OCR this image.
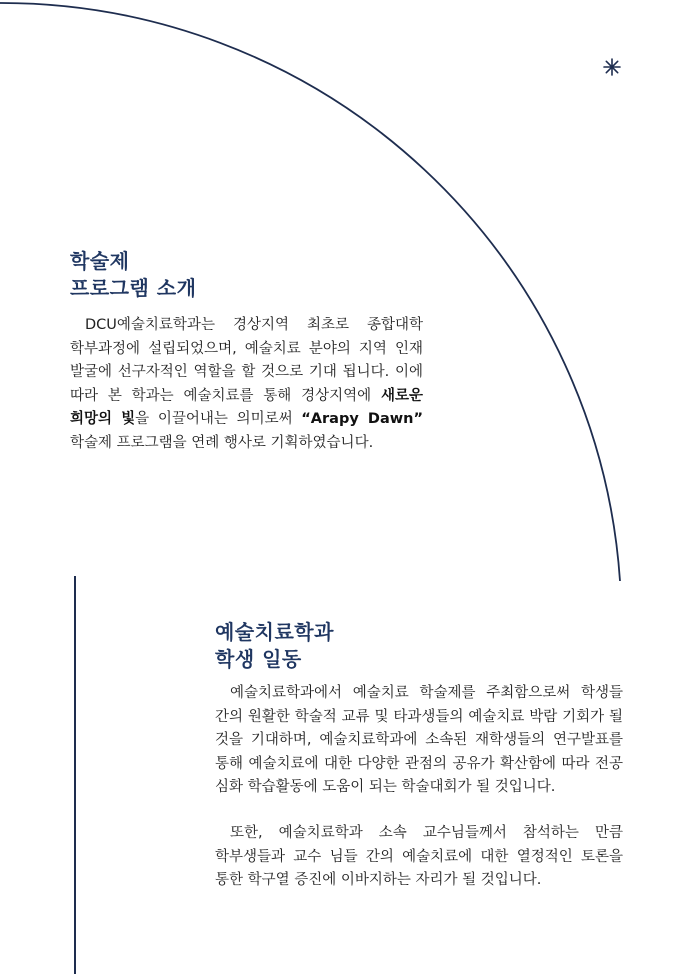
학술제
프로그램 소개

DCU예술치료학과는 경상지역 최초로 종합대학 학부과정에 설립되었으며, 예술치료 분야의 지역 인재 발굴에 선구자적인 역할을 할 것으로 기대 됩니다. 이에 따라 본 학과는 예술치료를 통해 경상지역에 새로운 희망의 빛을 이끌어내는 의미로써 “Arapy Dawn” 학술제 프로그램을 연례 행사로 기획하였습니다.

예술치료학과
학생 일동

예술치료학과에서 예술치료 학술제를 주최함으로써 학생들 간의 원활한 학술적 교류 및 타과생들의 예술치료 박람 기회가 될 것을 기대하며, 예술치료학과에 소속된 재학생들의 연구발표를 통해 예술치료에 대한 다양한 관점의 공유가 확산함에 따라 전공 심화 학습활동에 도움이 되는 학술대회가 될 것입니다.

또한, 예술치료학과 소속 교수님들께서 참석하는 만큼 학부생들과 교수 님들 간의 예술치료에 대한 열정적인 토론을 통한 학구열 증진에 이바지하는 자리가 될 것입니다.
